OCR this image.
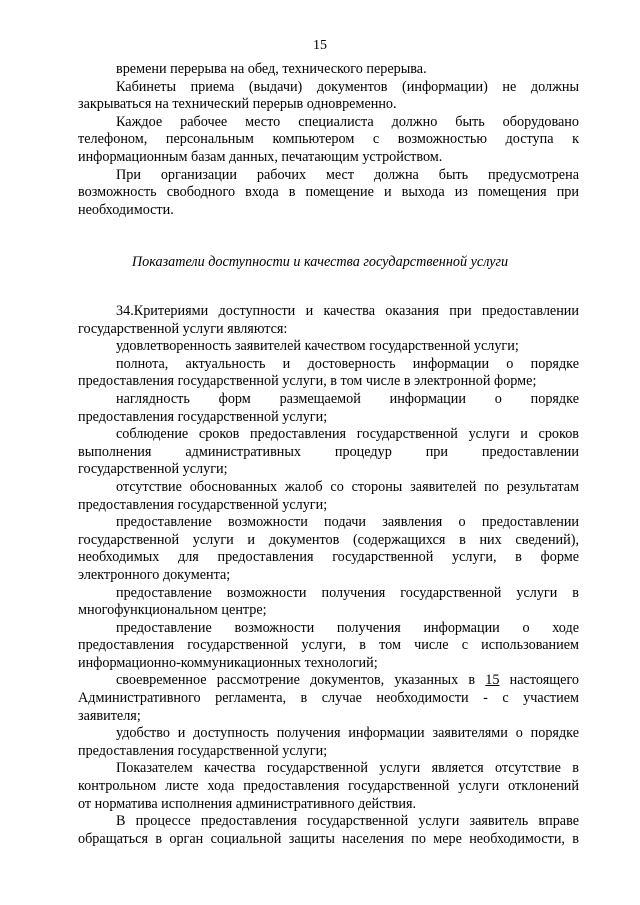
15
времени перерыва на обед, технического перерыва.
Кабинеты приема (выдачи) документов (информации) не должны
закрываться на технический перерыв одновременно.
Каждое рабочее место специалиста должно быть оборудовано
телефоном, персональным компьютером с возможностью доступа к
информационным базам данных, печатающим устройством.
При организации рабочих мест должна быть предусмотрена
возможность свободного входа в помещение и выхода из помещения при
необходимости.
Показатели доступности и качества государственной услуги
34.Критериями доступности и качества оказания при предоставлении
государственной услуги являются:
удовлетворенность заявителей качеством государственной услуги;
полнота, актуальность и достоверность информации о порядке
предоставления государственной услуги, в том числе в электронной форме;
наглядность форм размещаемой информации о порядке
предоставления государственной услуги;
соблюдение сроков предоставления государственной услуги и сроков
выполнения административных процедур при предоставлении
государственной услуги;
отсутствие обоснованных жалоб со стороны заявителей по результатам
предоставления государственной услуги;
предоставление возможности подачи заявления о предоставлении
государственной услуги и документов (содержащихся в них сведений),
необходимых для предоставления государственной услуги, в форме
электронного документа;
предоставление возможности получения государственной услуги в
многофункциональном центре;
предоставление возможности получения информации о ходе
предоставления государственной услуги, в том числе с использованием
информационно-коммуникационных технологий;
своевременное рассмотрение документов, указанных в 15 настоящего
Административного регламента, в случае необходимости - с участием
заявителя;
удобство и доступность получения информации заявителями о порядке
предоставления государственной услуги;
Показателем качества государственной услуги является отсутствие в
контрольном листе хода предоставления государственной услуги отклонений
от норматива исполнения административного действия.
В процессе предоставления государственной услуги заявитель вправе
обращаться в орган социальной защиты населения по мере необходимости, в
